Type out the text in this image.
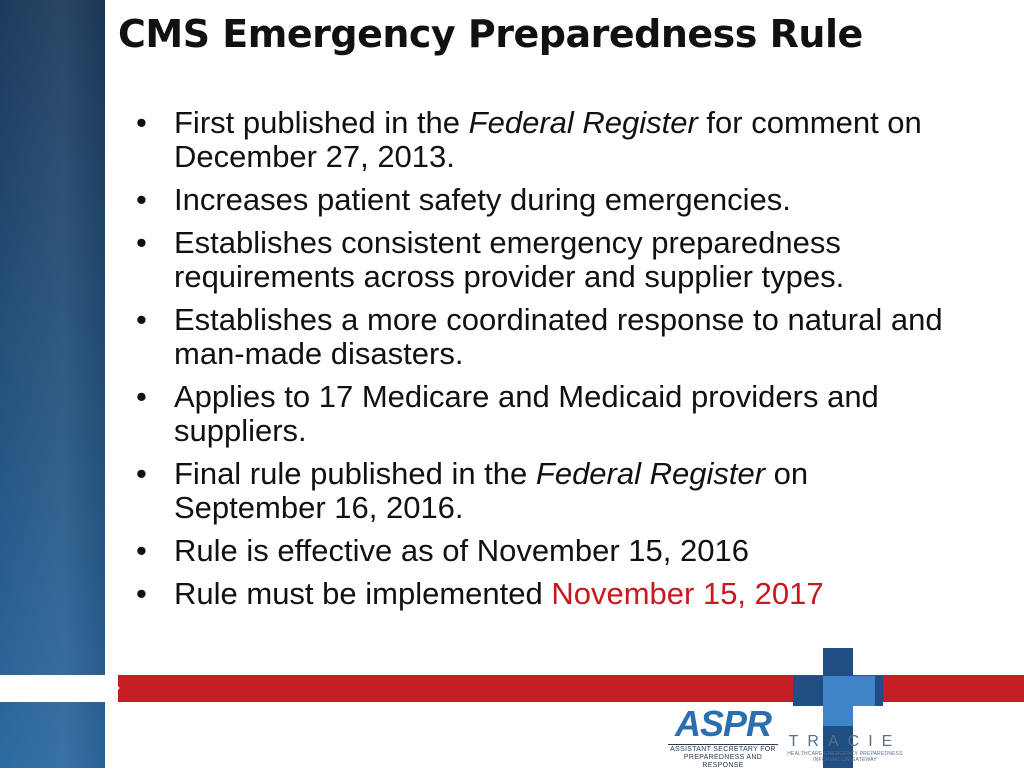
CMS Emergency Preparedness Rule
• First published in the Federal Register for comment on December 27, 2013.
• Increases patient safety during emergencies.
• Establishes consistent emergency preparedness requirements across provider and supplier types.
• Establishes a more coordinated response to natural and man-made disasters.
• Applies to 17 Medicare and Medicaid providers and suppliers.
• Final rule published in the Federal Register on September 16, 2016.
• Rule is effective as of November 15, 2016
• Rule must be implemented November 15, 2017
ASPR
ASSISTANT SECRETARY FOR PREPAREDNESS AND RESPONSE
TRACIE
HEALTHCARE EMERGENCY PREPAREDNESS INFORMATION GATEWAY
